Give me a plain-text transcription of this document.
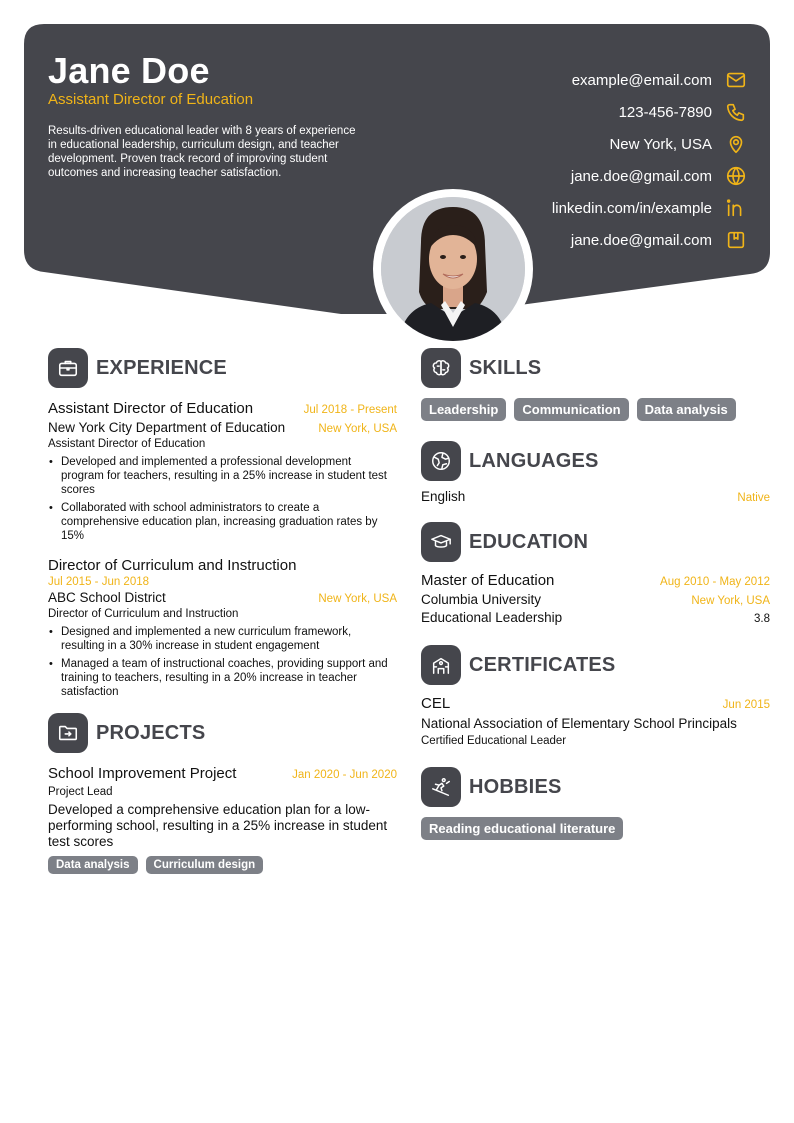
Jane Doe
Assistant Director of Education
Results-driven educational leader with 8 years of experience in educational leadership, curriculum design, and teacher development. Proven track record of improving student outcomes and increasing teacher satisfaction.
example@email.com
123-456-7890
New York, USA
jane.doe@gmail.com
linkedin.com/in/example
jane.doe@gmail.com
EXPERIENCE
Assistant Director of Education	Jul 2018 - Present
New York City Department of Education	New York, USA
Assistant Director of Education
• Developed and implemented a professional development program for teachers, resulting in a 25% increase in student test scores
• Collaborated with school administrators to create a comprehensive education plan, increasing graduation rates by 15%
Director of Curriculum and Instruction
Jul 2015 - Jun 2018
ABC School District	New York, USA
Director of Curriculum and Instruction
• Designed and implemented a new curriculum framework, resulting in a 30% increase in student engagement
• Managed a team of instructional coaches, providing support and training to teachers, resulting in a 20% increase in teacher satisfaction
PROJECTS
School Improvement Project	Jan 2020 - Jun 2020
Project Lead
Developed a comprehensive education plan for a low-performing school, resulting in a 25% increase in student test scores
Data analysis	Curriculum design
SKILLS
Leadership	Communication	Data analysis
LANGUAGES
English	Native
EDUCATION
Master of Education	Aug 2010 - May 2012
Columbia University	New York, USA
Educational Leadership	3.8
CERTIFICATES
CEL	Jun 2015
National Association of Elementary School Principals
Certified Educational Leader
HOBBIES
Reading educational literature
